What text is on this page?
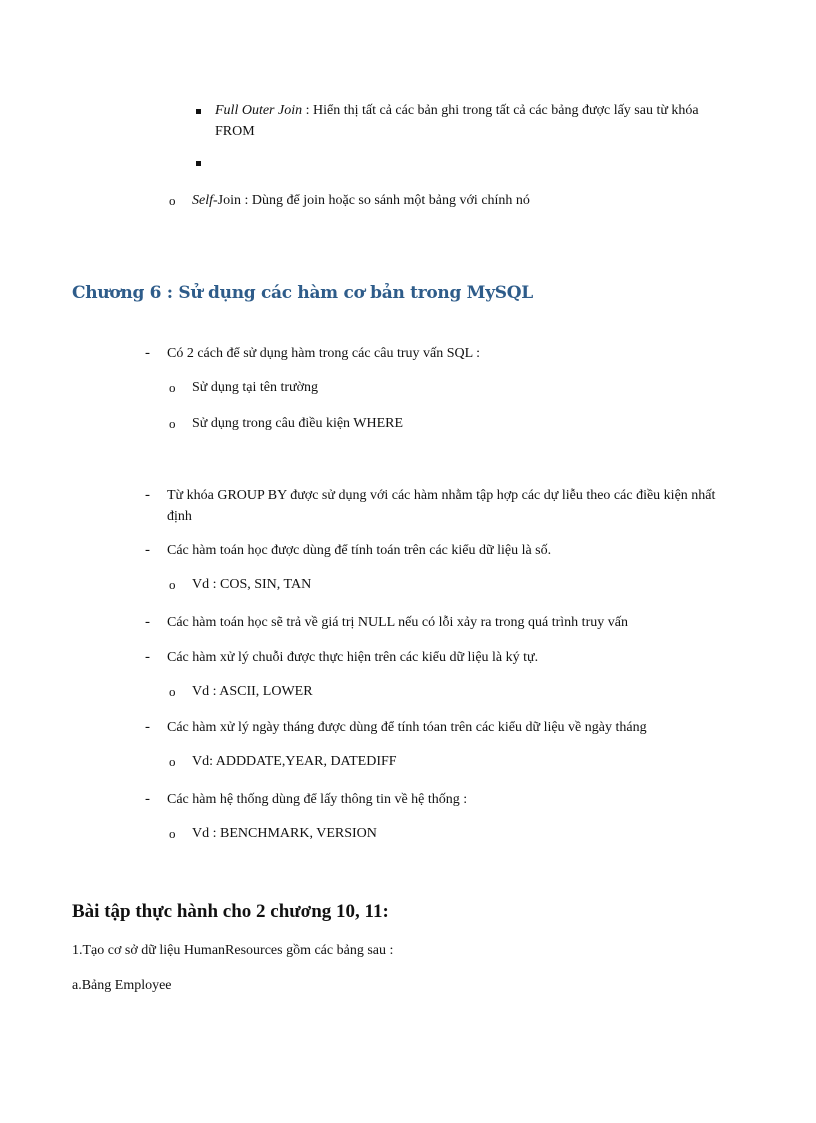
Full Outer Join : Hiển thị tất cả các bản ghi trong tất cả các bảng được lấy sau từ khóa
FROM
o Self-Join : Dùng để join hoặc so sánh một bảng với chính nó
Chương 6 : Sử dụng các hàm cơ bản trong MySQL
- Có 2 cách để sử dụng hàm trong các câu truy vấn SQL :
o Sử dụng tại tên trường
o Sử dụng trong câu điều kiện WHERE
- Từ khóa GROUP BY được sử dụng với các hàm nhằm tập hợp các dự liễu theo các điều kiện nhất
định
- Các hàm toán học được dùng để tính toán trên các kiểu dữ liệu là số.
o Vd : COS, SIN, TAN
- Các hàm toán học sẽ trả về giá trị NULL nếu có lỗi xảy ra trong quá trình truy vấn
- Các hàm xử lý chuỗi được thực hiện trên các kiểu dữ liệu là ký tự.
o Vd : ASCII, LOWER
- Các hàm xử lý ngày tháng được dùng để tính tóan trên các kiểu dữ liệu về ngày tháng
o Vd: ADDDATE,YEAR, DATEDIFF
- Các hàm hệ thống dùng để lấy thông tin về hệ thống :
o Vd : BENCHMARK, VERSION
Bài tập thực hành cho 2 chương 10, 11:
1.Tạo cơ sở dữ liệu HumanResources gồm các bảng sau :
a.Bảng Employee
